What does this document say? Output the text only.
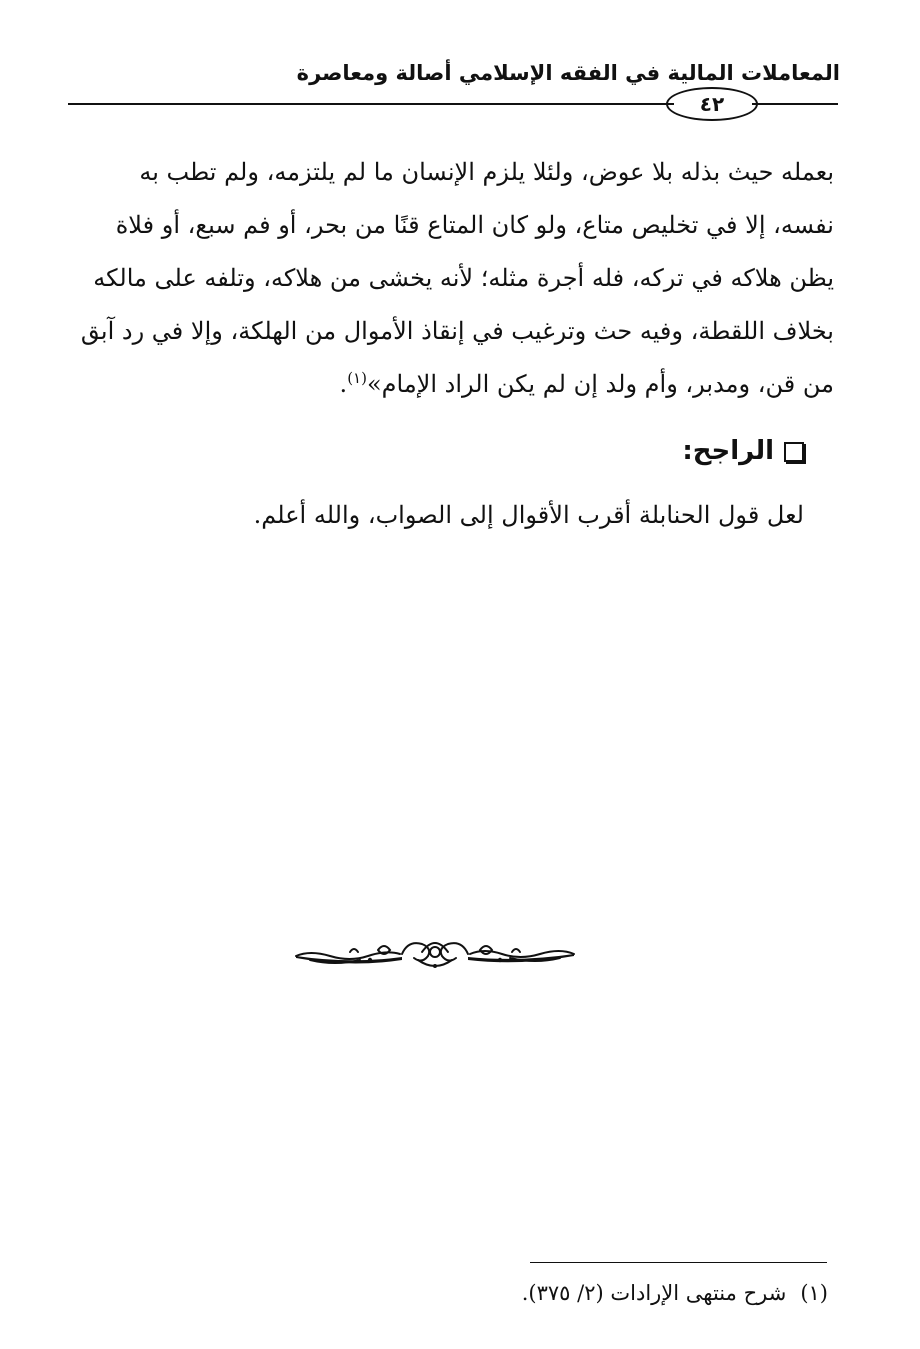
المعاملات المالية في الفقه الإسلامي أصالة ومعاصرة
٤٢

بعمله حيث بذله بلا عوض، ولئلا يلزم الإنسان ما لم يلتزمه، ولم تطب به

نفسه، إلا في تخليص متاع، ولو كان المتاع قنًا من بحر، أو فم سبع، أو فلاة

يظن هلاكه في تركه، فله أجرة مثله؛ لأنه يخشى من هلاكه، وتلفه على مالكه

بخلاف اللقطة، وفيه حث وترغيب في إنقاذ الأموال من الهلكة، وإلا في رد آبق

من قن، ومدبر، وأم ولد إن لم يكن الراد الإمام»$^{(١)}$.

الراجح:
لعل قول الحنابلة أقرب الأقوال إلى الصواب، والله أعلم.
(١)شرح منتهى الإرادات (٢/ ٣٧٥).
